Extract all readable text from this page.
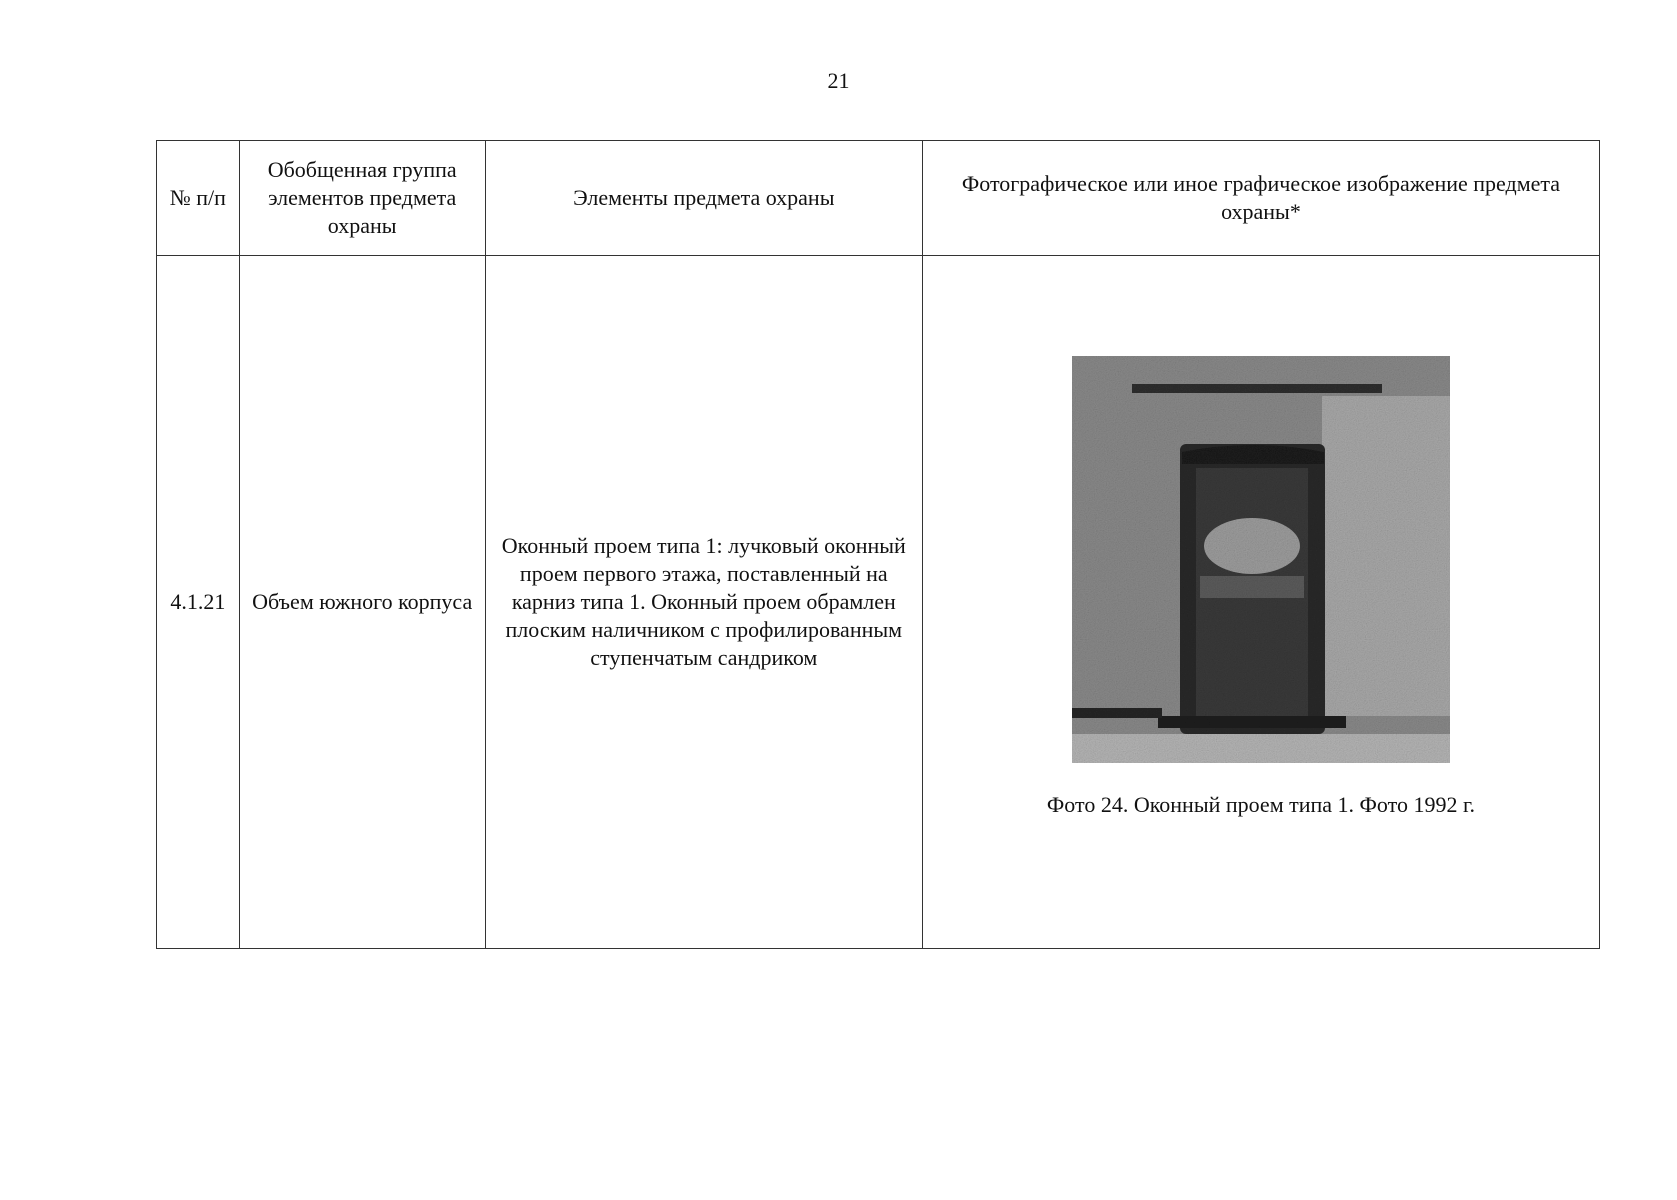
21
№ п/п	Обобщенная группа элементов предмета охраны	Элементы предмета охраны	Фотографическое или иное графическое изображение предмета охраны*
4.1.21	Объем южного корпуса	Оконный проем типа 1: лучковый оконный проем первого этажа, поставленный на карниз типа 1. Оконный проем обрамлен плоским наличником с профилированным ступенчатым сандриком	Фото 24. Оконный проем типа 1. Фото 1992 г.
